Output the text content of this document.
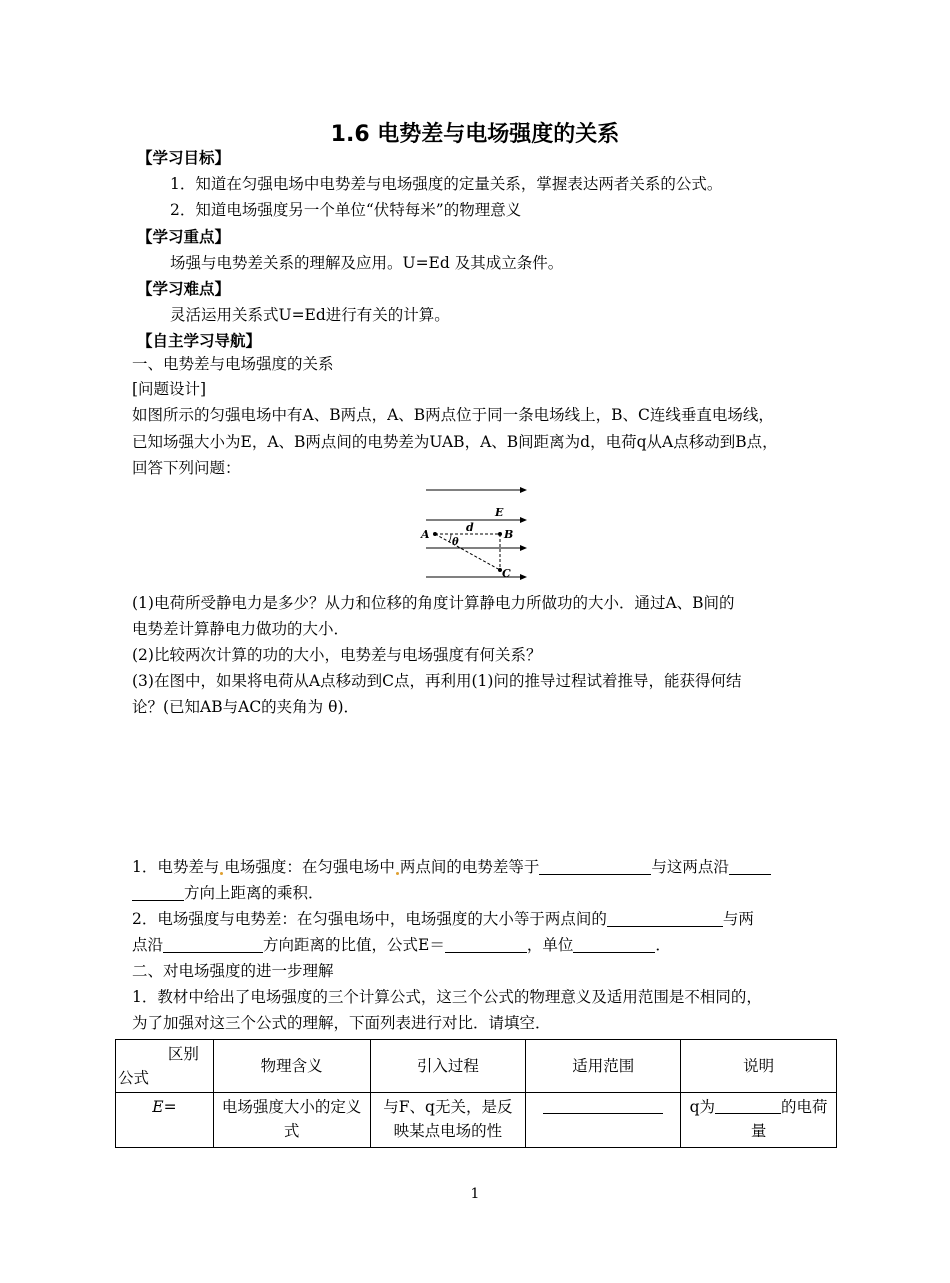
1.6 电势差与电场强度的关系
【学习目标】
1．知道在匀强电场中电势差与电场强度的定量关系，掌握表达两者关系的公式。
2．知道电场强度另一个单位“伏特每米”的物理意义
【学习重点】
场强与电势差关系的理解及应用。U=Ed 及其成立条件。
【学习难点】
灵活运用关系式U=Ed进行有关的计算。
【自主学习导航】
一、电势差与电场强度的关系
[问题设计]
如图所示的匀强电场中有A、B两点，A、B两点位于同一条电场线上，B、C连线垂直电场线，
已知场强大小为E，A、B两点间的电势差为UAB，A、B间距离为d，电荷q从A点移动到B点，
回答下列问题：
E
d
A	B
C
θ
(1)电荷所受静电力是多少？从力和位移的角度计算静电力所做功的大小．通过A、B间的
电势差计算静电力做功的大小．
(2)比较两次计算的功的大小，电势差与电场强度有何关系？
(3)在图中，如果将电荷从A点移动到C点，再利用(1)问的推导过程试着推导，能获得何结
论？(已知AB与AC的夹角为 θ)．
1．电势差与 电场强度：在匀强电场中 两点间的电势差等于	与这两点沿
方向上距离的乘积．
2．电场强度与电势差：在匀强电场中，电场强度的大小等于两点间的	与两
点沿	方向距离的比值，公式E＝	，单位	．
二、对电场强度的进一步理解
1．教材中给出了电场强度的三个计算公式，这三个公式的物理意义及适用范围是不相同的，
为了加强对这三个公式的理解，下面列表进行对比．请填空．
区别
公式	物理含义	引入过程	适用范围	说明
E=	电场强度大小的定义式	与F、q无关，是反映某点电场的性		q为 的电荷量
1
